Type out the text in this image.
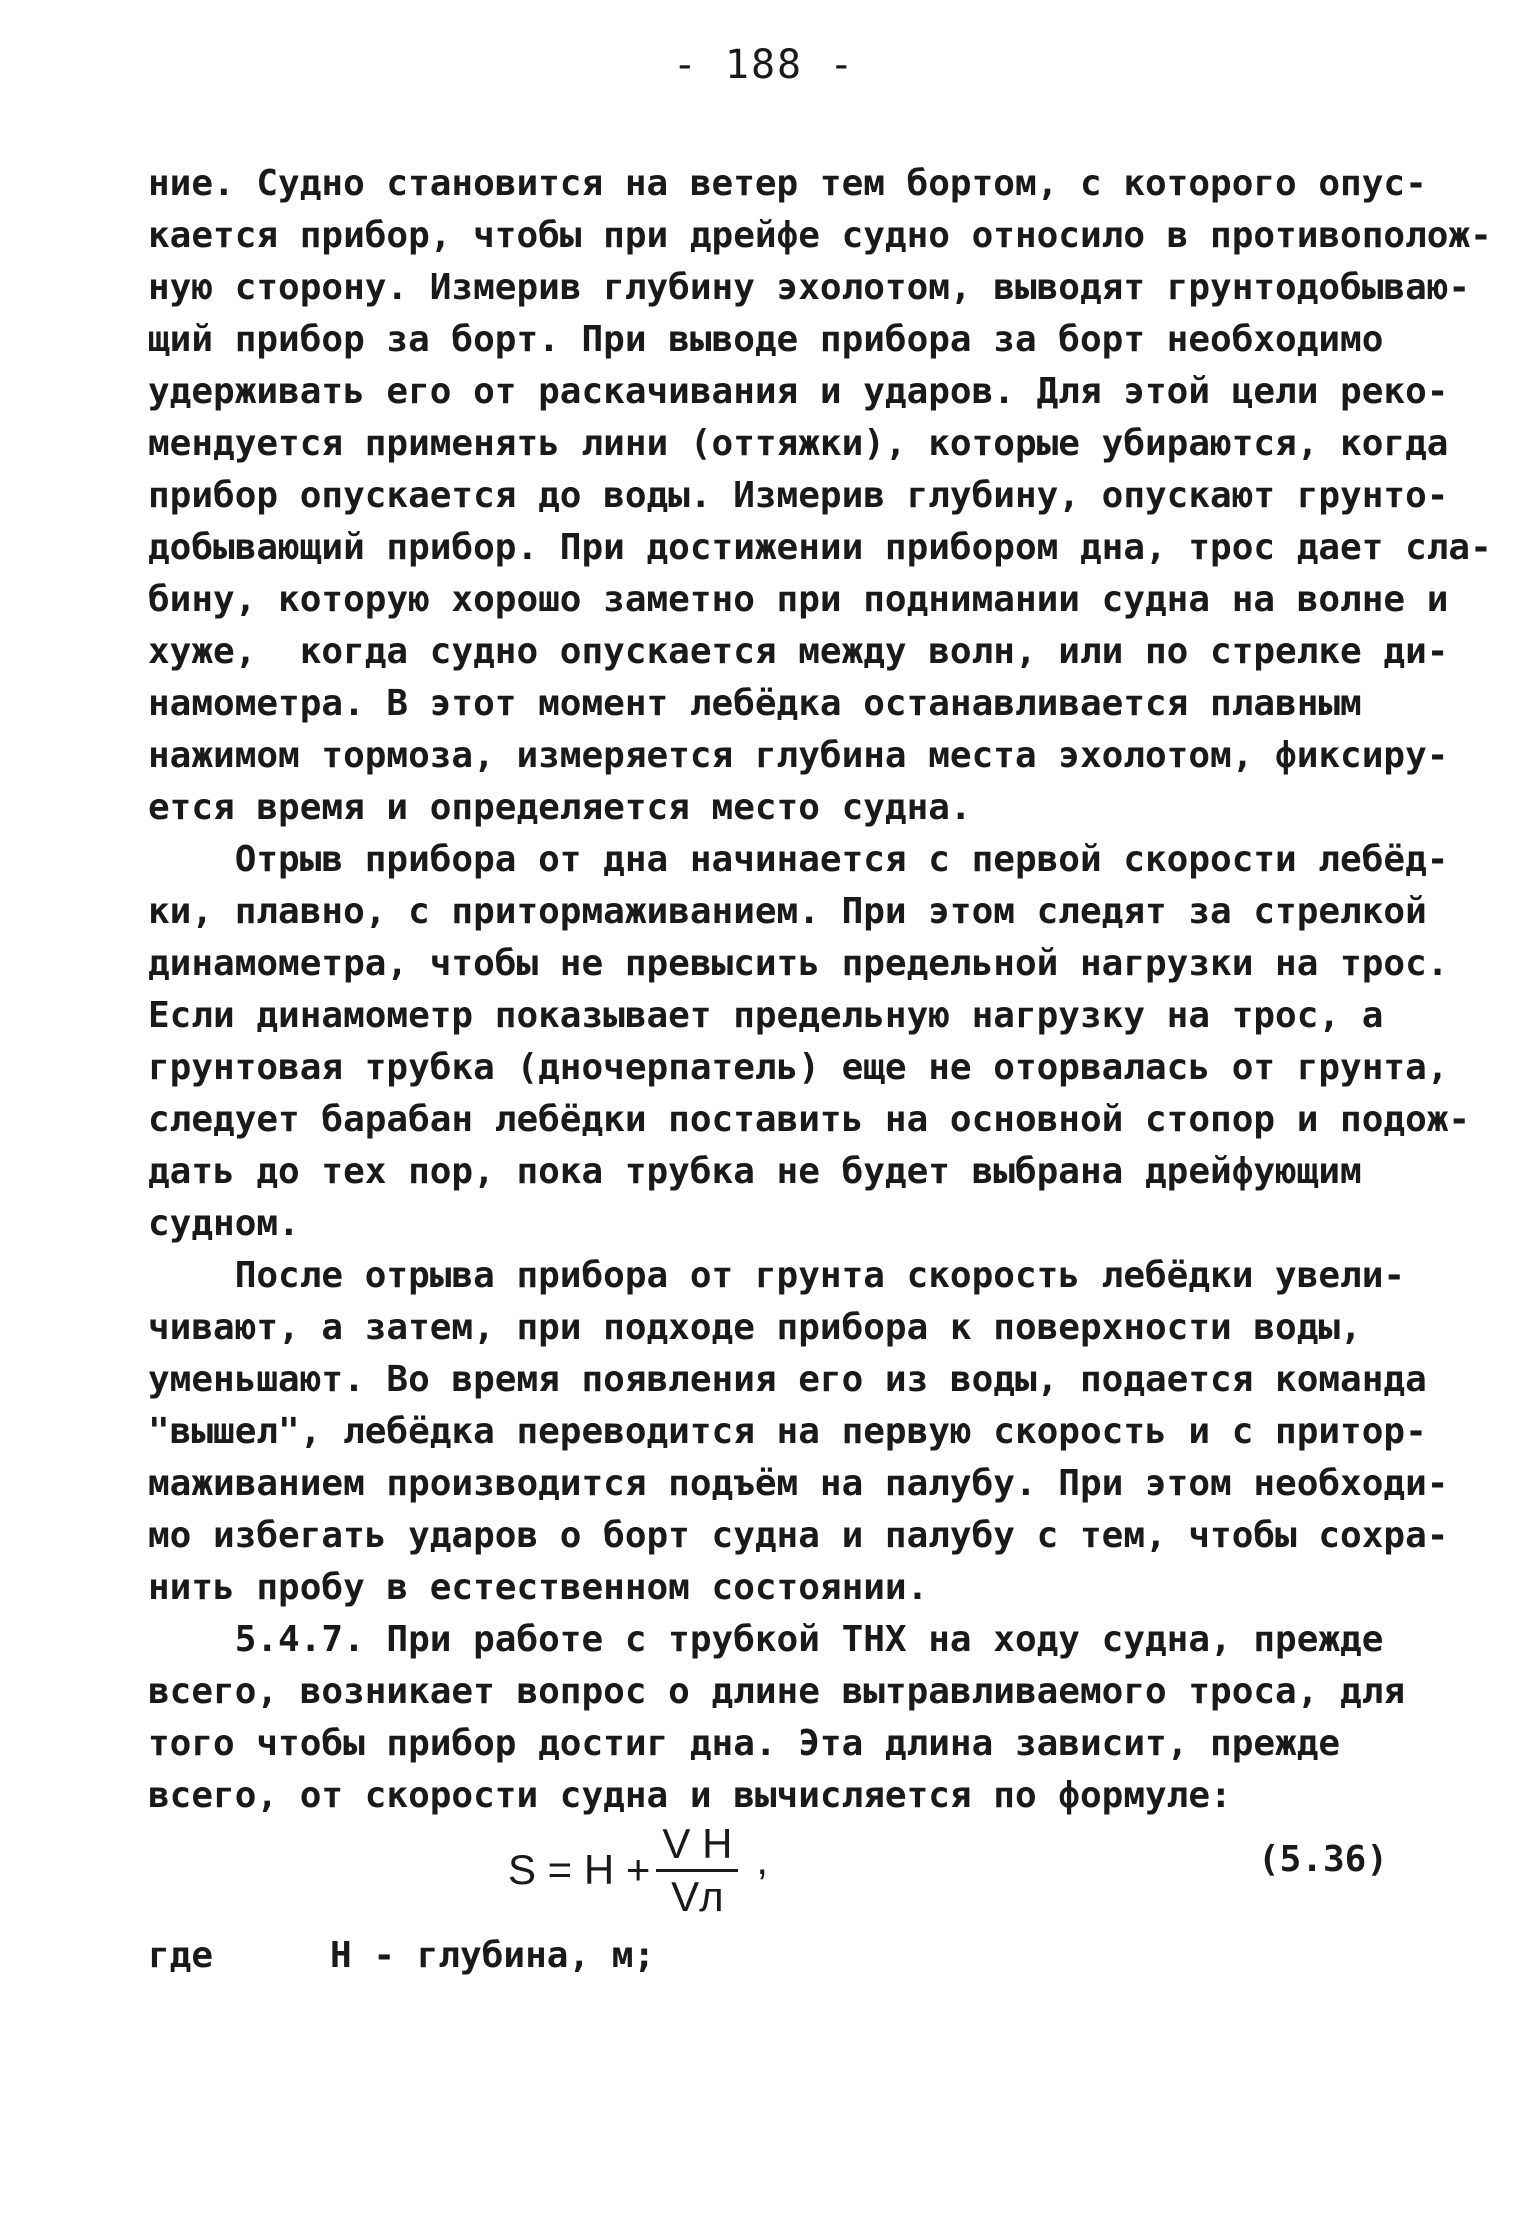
- 188 -
ние. Судно становится на ветер тем бортом, с которого опус-
кается прибор, чтобы при дрейфе судно относило в противополож-
ную сторону. Измерив глубину эхолотом, выводят грунтодобываю-
щий прибор за борт. При выводе прибора за борт необходимо
удерживать его от раскачивания и ударов. Для этой цели реко-
мендуется применять лини (оттяжки), которые убираются, когда
прибор опускается до воды. Измерив глубину, опускают грунто-
добывающий прибор. При достижении прибором дна, трос дает сла-
бину, которую хорошо заметно при поднимании судна на волне и
хуже,  когда судно опускается между волн, или по стрелке ди-
намометра. В этот момент лебёдка останавливается плавным
нажимом тормоза, измеряется глубина места эхолотом, фиксиру-
ется время и определяется место судна.
Отрыв прибора от дна начинается с первой скорости лебёд-
ки, плавно, с притормаживанием. При этом следят за стрелкой
динамометра, чтобы не превысить предельной нагрузки на трос.
Если динамометр показывает предельную нагрузку на трос, а
грунтовая трубка (дночерпатель) еще не оторвалась от грунта,
следует барабан лебёдки поставить на основной стопор и подож-
дать до тех пор, пока трубка не будет выбрана дрейфующим
судном.
После отрыва прибора от грунта скорость лебёдки увели-
чивают, а затем, при подходе прибора к поверхности воды,
уменьшают. Во время появления его из воды, подается команда
"вышел", лебёдка переводится на первую скорость и с притор-
маживанием производится подъём на палубу. При этом необходи-
мо избегать ударов о борт судна и палубу с тем, чтобы сохра-
нить пробу в естественном состоянии.
5.4.7. При работе с трубкой ТНХ на ходу судна, прежде
всего, возникает вопрос о длине вытравливаемого троса, для
того чтобы прибор достиг дна. Эта длина зависит, прежде
всего, от скорости судна и вычисляется по формуле:
$S = H + \frac{\text{V H}}{Vл}$ ,	(5.36)
где	H - глубина, м;
